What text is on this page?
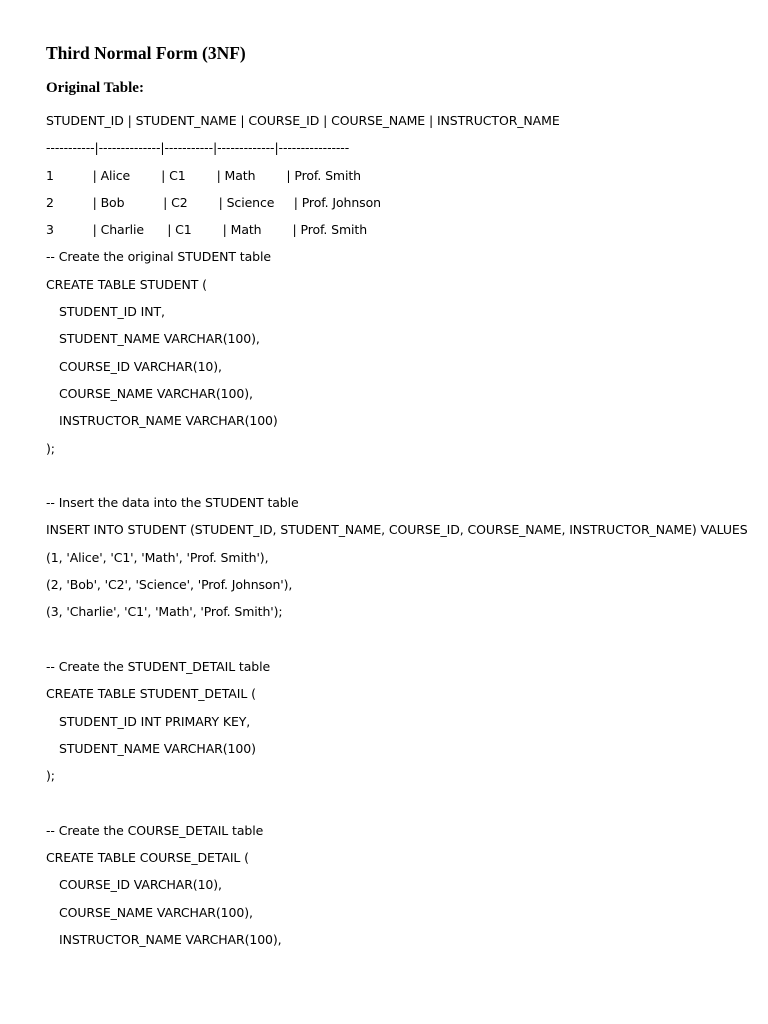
Third Normal Form (3NF)
Original Table:
STUDENT_ID | STUDENT_NAME | COURSE_ID | COURSE_NAME | INSTRUCTOR_NAME
-----------|--------------|-----------|-------------|----------------
1          | Alice        | C1        | Math        | Prof. Smith
2          | Bob          | C2        | Science     | Prof. Johnson
3          | Charlie      | C1        | Math        | Prof. Smith
-- Create the original STUDENT table
CREATE TABLE STUDENT (
STUDENT_ID INT,
STUDENT_NAME VARCHAR(100),
COURSE_ID VARCHAR(10),
COURSE_NAME VARCHAR(100),
INSTRUCTOR_NAME VARCHAR(100)
);
-- Insert the data into the STUDENT table
INSERT INTO STUDENT (STUDENT_ID, STUDENT_NAME, COURSE_ID, COURSE_NAME, INSTRUCTOR_NAME) VALUES
(1, 'Alice', 'C1', 'Math', 'Prof. Smith'),
(2, 'Bob', 'C2', 'Science', 'Prof. Johnson'),
(3, 'Charlie', 'C1', 'Math', 'Prof. Smith');
-- Create the STUDENT_DETAIL table
CREATE TABLE STUDENT_DETAIL (
STUDENT_ID INT PRIMARY KEY,
STUDENT_NAME VARCHAR(100)
);
-- Create the COURSE_DETAIL table
CREATE TABLE COURSE_DETAIL (
COURSE_ID VARCHAR(10),
COURSE_NAME VARCHAR(100),
INSTRUCTOR_NAME VARCHAR(100),
